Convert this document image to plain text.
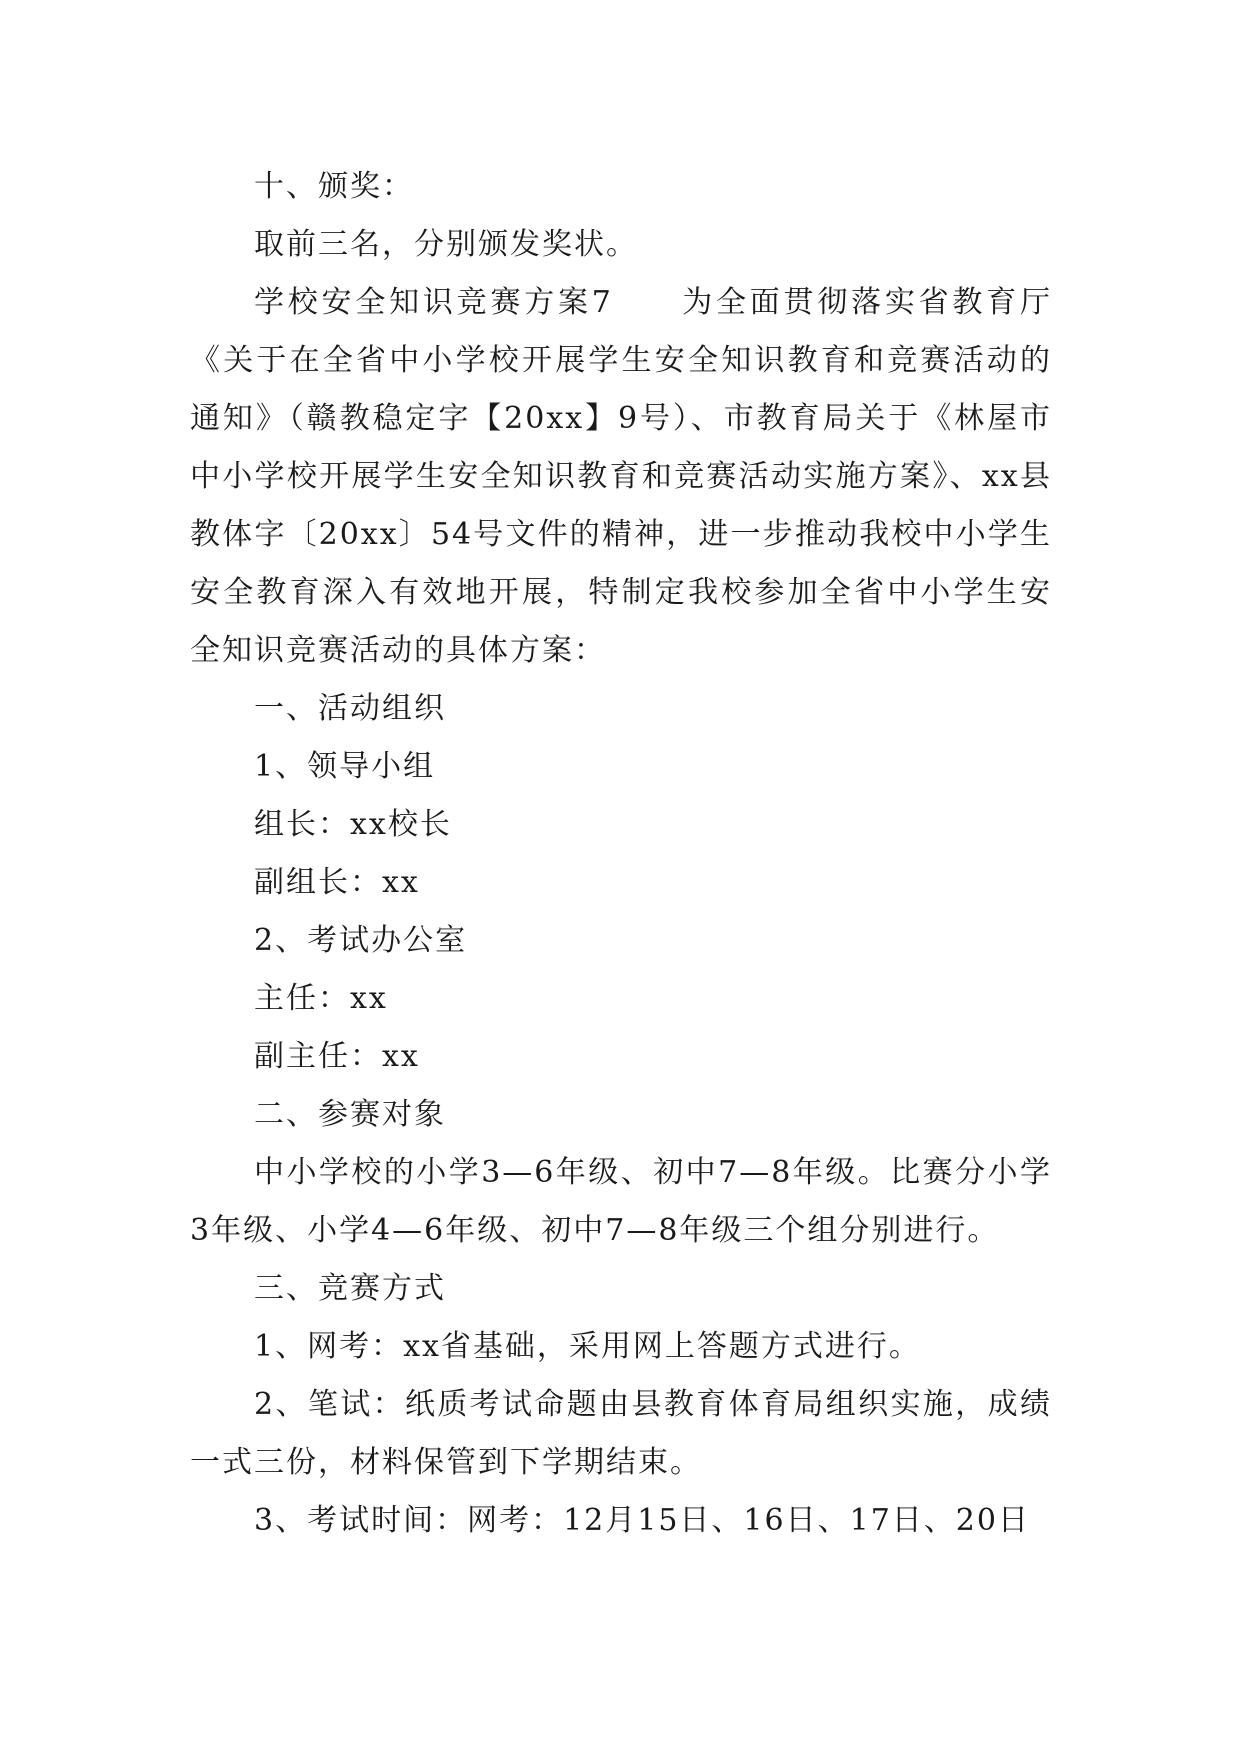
十、颁奖：

取前三名，分别颁发奖状。

学校安全知识竞赛方案7　　为全面贯彻落实省教育厅《关于在全省中小学校开展学生安全知识教育和竞赛活动的通知》（赣教稳定字【20xx】9号）、市教育局关于《林屋市中小学校开展学生安全知识教育和竞赛活动实施方案》、xx县教体字〔20xx〕54号文件的精神，进一步推动我校中小学生安全教育深入有效地开展，特制定我校参加全省中小学生安全知识竞赛活动的具体方案：

一、活动组织

1、领导小组

组长：xx校长

副组长：xx

2、考试办公室

主任：xx

副主任：xx

二、参赛对象

中小学校的小学3—6年级、初中7—8年级。比赛分小学3年级、小学4—6年级、初中7—8年级三个组分别进行。

三、竞赛方式

1、网考：xx省基础，采用网上答题方式进行。

2、笔试：纸质考试命题由县教育体育局组织实施，成绩一式三份，材料保管到下学期结束。

3、考试时间：网考：12月15日、16日、17日、20日
